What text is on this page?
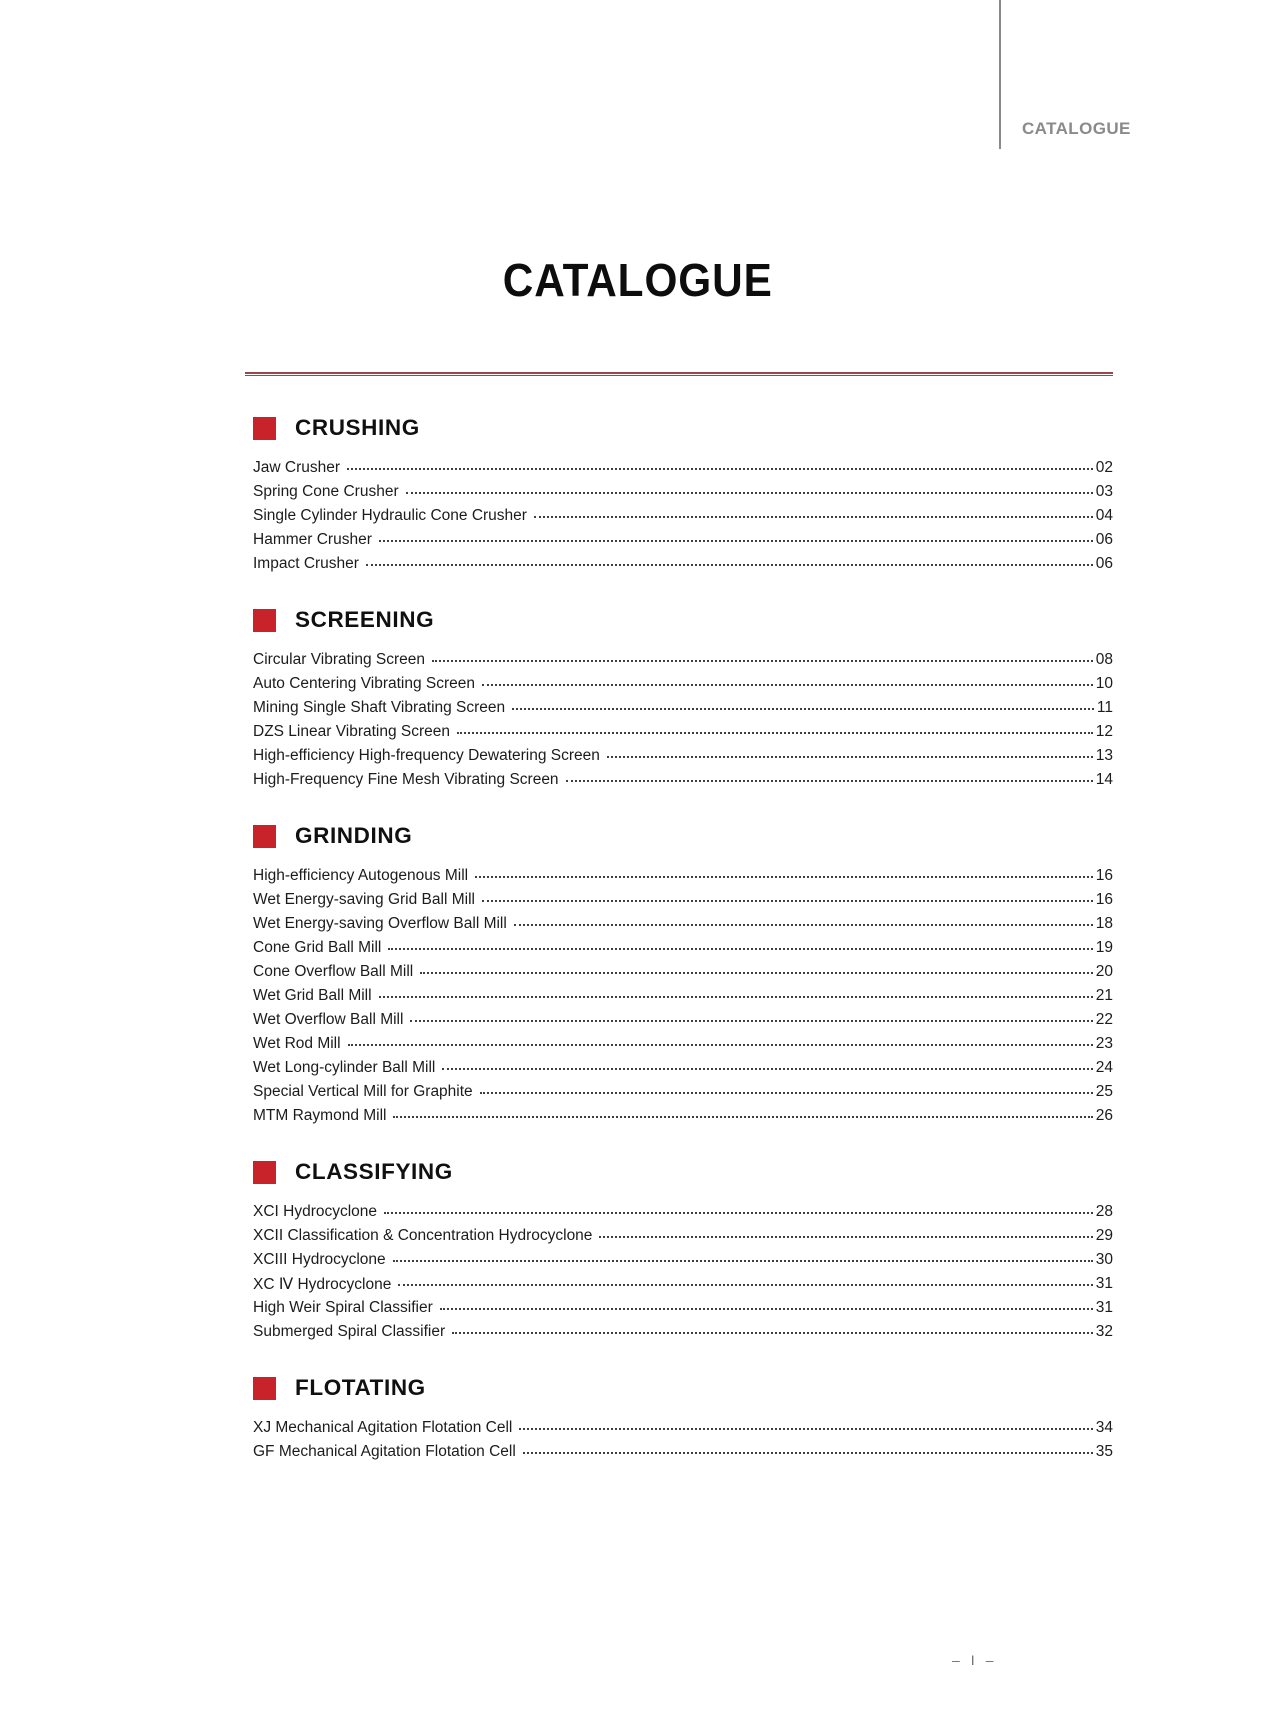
CATALOGUE
CATALOGUE
CRUSHING
Jaw Crusher	02
Spring Cone Crusher	03
Single Cylinder Hydraulic Cone Crusher	04
Hammer Crusher	06
Impact Crusher	06
SCREENING
Circular Vibrating Screen	08
Auto Centering Vibrating Screen	10
Mining Single Shaft Vibrating Screen	11
DZS Linear Vibrating Screen	12
High-efficiency High-frequency Dewatering Screen	13
High-Frequency Fine Mesh Vibrating Screen	14
GRINDING
High-efficiency Autogenous Mill	16
Wet Energy-saving Grid Ball Mill	16
Wet Energy-saving Overflow Ball Mill	18
Cone Grid Ball Mill	19
Cone Overflow Ball Mill	20
Wet Grid Ball Mill	21
Wet Overflow Ball Mill	22
Wet Rod Mill	23
Wet Long-cylinder Ball Mill	24
Special Vertical Mill for Graphite	25
MTM Raymond Mill	26
CLASSIFYING
XCI Hydrocyclone	28
XCII Classification & Concentration Hydrocyclone	29
XCIII Hydrocyclone	30
XC Ⅳ Hydrocyclone	31
High Weir Spiral Classifier	31
Submerged Spiral Classifier	32
FLOTATING
XJ Mechanical Agitation Flotation Cell	34
GF Mechanical Agitation Flotation Cell	35
– I –
